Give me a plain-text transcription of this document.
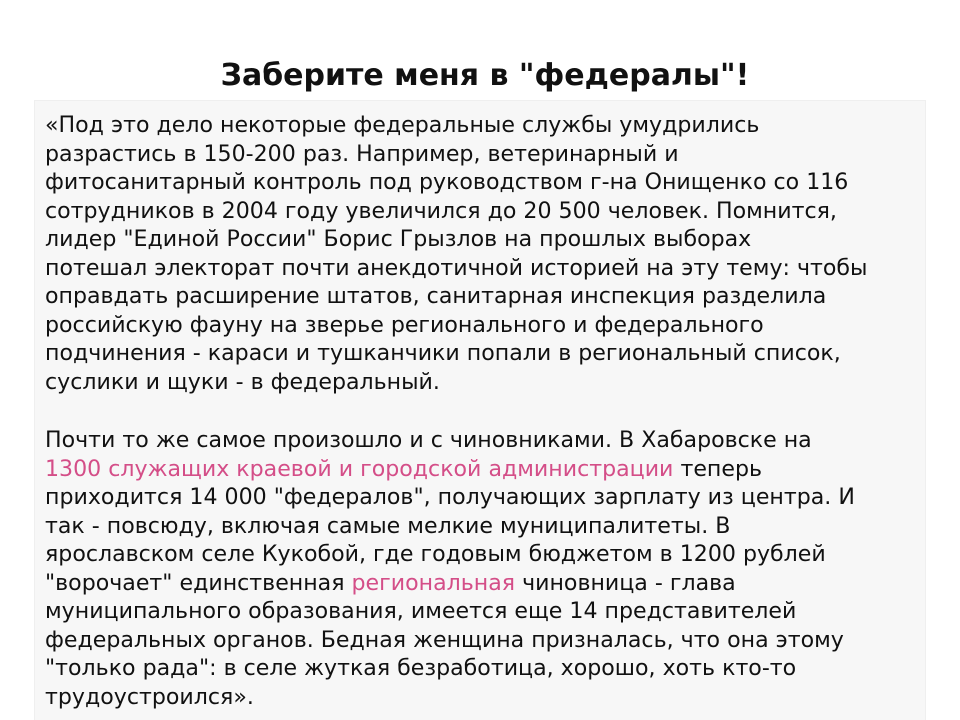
Заберите меня в "федералы"!

«Под это дело некоторые федеральные службы умудрились
разрастись в 150-200 раз. Например, ветеринарный и
фитосанитарный контроль под руководством г-на Онищенко со 116
сотрудников в 2004 году увеличился до 20 500 человек. Помнится,
лидер "Единой России" Борис Грызлов на прошлых выборах
потешал электорат почти анекдотичной историей на эту тему: чтобы
оправдать расширение штатов, санитарная инспекция разделила
российскую фауну на зверье регионального и федерального
подчинения - караси и тушканчики попали в региональный список,
суслики и щуки - в федеральный.

Почти то же самое произошло и с чиновниками. В Хабаровске на
1300 служащих краевой и городской администрации теперь
приходится 14 000 "федералов", получающих зарплату из центра. И
так - повсюду, включая самые мелкие муниципалитеты. В
ярославском селе Кукобой, где годовым бюджетом в 1200 рублей
"ворочает" единственная региональная чиновница - глава
муниципального образования, имеется еще 14 представителей
федеральных органов. Бедная женщина призналась, что она этому
"только рада": в селе жуткая безработица, хорошо, хоть кто-то
трудоустроился».
